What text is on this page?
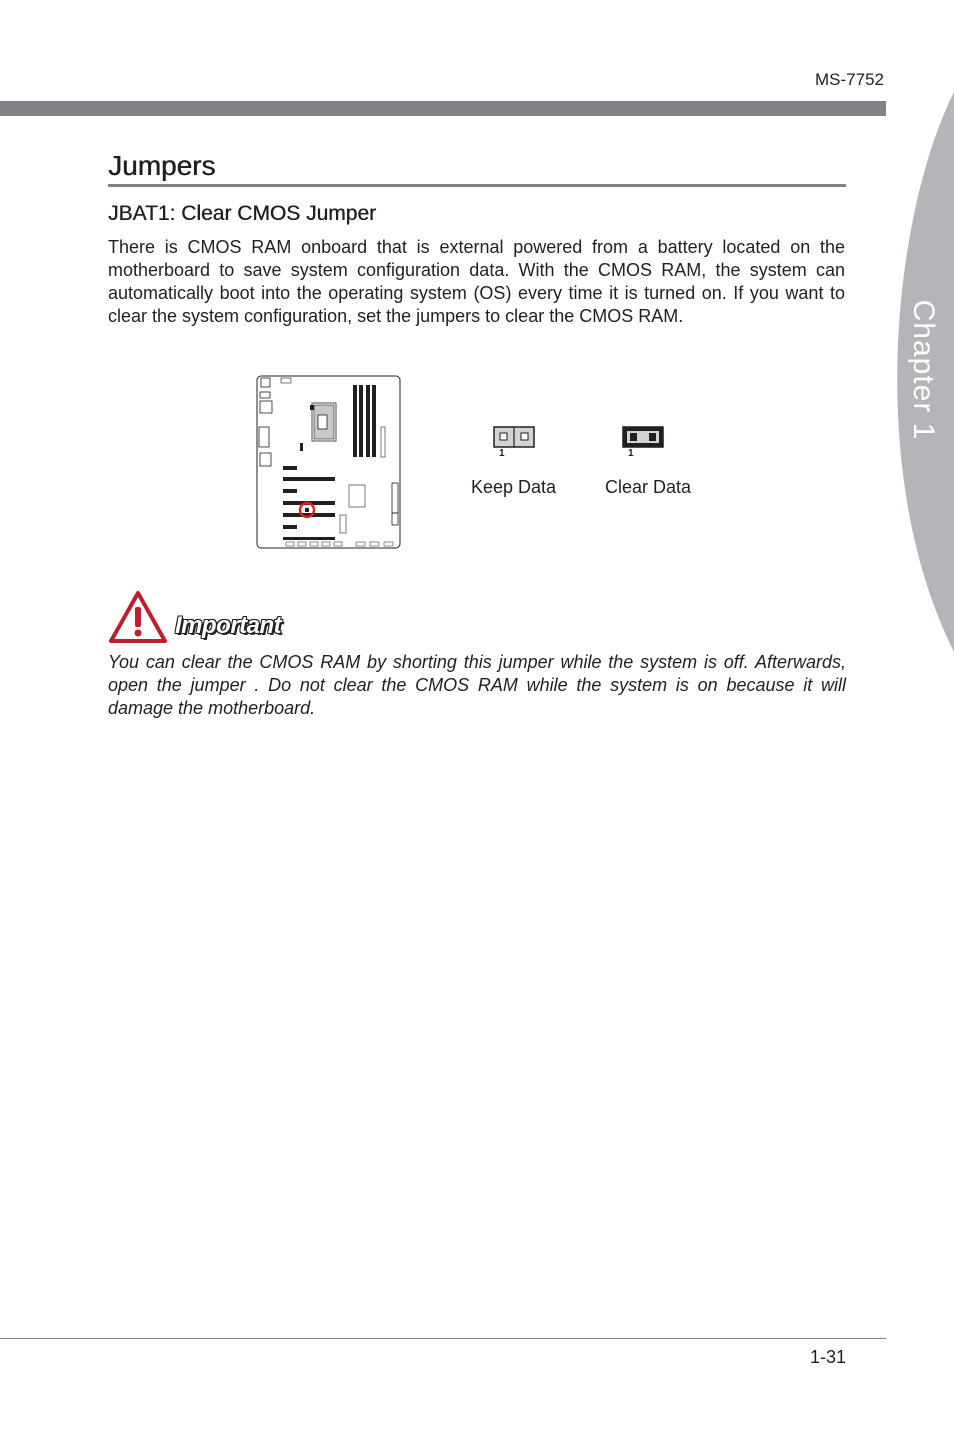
MS-7752
Chapter 1
Jumpers
JBAT1: Clear CMOS Jumper

There is CMOS RAM onboard that is external powered from a battery located on the motherboard to save system configuration data. With the CMOS RAM, the system can automatically boot into the operating system (OS) every time it is turned on. If you want to clear the system configuration, set the jumpers to clear the CMOS RAM.

1
Keep Data
1
Clear Data
Important

You can clear the CMOS RAM by shorting this jumper while the system is off. Afterwards, open the jumper . Do not clear the CMOS RAM while the system is on because it will damage the motherboard.

1-31
